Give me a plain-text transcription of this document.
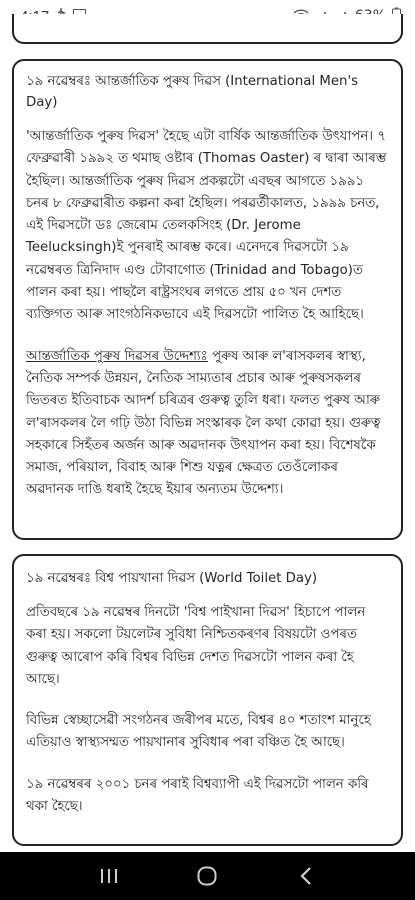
১৯ নৱেম্বৰঃ আন্তৰ্জাতিক পুৰুষ দিৱস (International Men's Day)

'আন্তৰ্জাতিক পুৰুষ দিৱস' হৈছে এটা বাৰ্ষিক আন্তৰ্জাতিক উৎযাপন। ৭ ফেব্ৰুৱাৰী ১৯৯২ ত থমাছ ওষ্টাৰ (Thomas Oaster) ৰ দ্বাৰা আৰম্ভ হৈছিল। আন্তৰ্জাতিক পুৰুষ দিৱস প্ৰকল্পটো এবছৰ আগতে ১৯৯১ চনৰ ৮ ফেব্ৰুৱাৰীত কল্পনা কৰা হৈছিল। পৰৱৰ্তীকালত, ১৯৯৯ চনত, এই দিৱসটো ডঃ জেৰোম তেলকসিংহ (Dr. Jerome Teelucksingh)ই পুনৰাই আৰম্ভ কৰে। এনেদৰে দিৱসটো ১৯ নৱেম্বৰত ত্ৰিনিদাদ এণ্ড টোবাগোত (Trinidad and Tobago)ত পালন কৰা হয়। পাছলৈ ৰাষ্ট্ৰসংঘৰ লগতে প্ৰায় ৫০ খন দেশত ব্যক্তিগত আৰু সাংগঠনিকভাবে এই দিৱসটো পালিত হৈ আহিছে।

আন্তৰ্জাতিক পুৰুষ দিৱসৰ উদ্দেশ্যঃ পুৰুষ আৰু ল'ৰাসকলৰ স্বাস্থ্য, নৈতিক সম্পৰ্ক উন্নয়ন, নৈতিক সাম্যতাৰ প্ৰচাৰ আৰু পুৰুষসকলৰ ভিতৰত ইতিবাচক আদৰ্শ চৰিত্ৰৰ গুৰুত্ব তুলি ধৰা। ফলত পুৰুষ আৰু ল'ৰাসকলৰ লৈ গঢ়ি উঠা বিভিন্ন সংস্কাৰক লৈ কথা কোৱা হয়। গুৰুত্ব সহকাৰে সিহঁতৰ অৰ্জন আৰু অৱদানক উৎযাপন কৰা হয়। বিশেষকৈ সমাজ, পৰিয়াল, বিবাহ আৰু শিশু যত্নৰ ক্ষেত্ৰত তেওঁলোকৰ অৱদানক দাঙি ধৰাই হৈছে ইয়াৰ অন্যতম উদ্দেশ্য।

১৯ নৱেম্বৰঃ বিশ্ব পায়খানা দিৱস (World Toilet Day)

প্ৰতিবছৰে ১৯ নৱেম্বৰ দিনটো 'বিশ্ব পাইখানা দিৱস' হিচাপে পালন কৰা হয়। সকলো টয়লেটৰ সুবিধা নিশ্চিতকৰণৰ বিষয়টো ওপৰত গুৰুত্ব আৰোপ কৰি বিশ্বৰ বিভিন্ন দেশত দিৱসটো পালন কৰা হৈ আছে।

বিভিন্ন স্বেচ্ছাসেৱী সংগঠনৰ জৰীপৰ মতে, বিশ্বৰ ৪০ শতাংশ মানুহে এতিয়াও স্বাস্থ্যসম্মত পায়খানাৰ সুবিধাৰ পৰা বঞ্চিত হৈ আছে।

১৯ নৱেম্বৰৰ ২০০১ চনৰ পৰাই বিশ্বব্যাপী এই দিৱসটো পালন কৰি থকা হৈছে।
